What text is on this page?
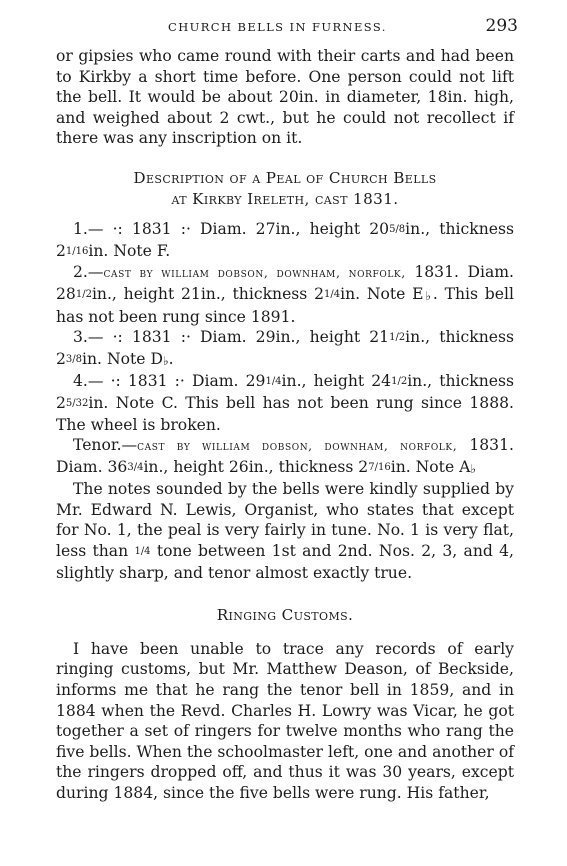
CHURCH BELLS IN FURNESS.	293

or gipsies who came round with their carts and had been to Kirkby a short time before. One person could not lift the bell. It would be about 20in. in diameter, 18in. high, and weighed about 2 cwt., but he could not recollect if there was any inscription on it.

Description of a Peal of Church Bells
at Kirkby Ireleth, cast 1831.

1.— ·: 1831 :· Diam. 27in., height 205/8in., thickness 21/16in. Note F.

2.—cast by william dobson, downham, norfolk, 1831. Diam. 281/2in., height 21in., thickness 21/4in. Note E♭. This bell has not been rung since 1891.

3.— ·: 1831 :· Diam. 29in., height 211/2in., thickness 23/8in. Note D♭.

4.— ·: 1831 :· Diam. 291/4in., height 241/2in., thickness 25/32in. Note C. This bell has not been rung since 1888. The wheel is broken.

Tenor.—cast by william dobson, downham, norfolk, 1831. Diam. 363/4in., height 26in., thickness 27/16in. Note A♭

The notes sounded by the bells were kindly supplied by Mr. Edward N. Lewis, Organist, who states that except for No. 1, the peal is very fairly in tune. No. 1 is very flat, less than 1/4 tone between 1st and 2nd. Nos. 2, 3, and 4, slightly sharp, and tenor almost exactly true.

Ringing Customs.

I have been unable to trace any records of early ringing customs, but Mr. Matthew Deason, of Beckside, informs me that he rang the tenor bell in 1859, and in 1884 when the Revd. Charles H. Lowry was Vicar, he got together a set of ringers for twelve months who rang the five bells. When the schoolmaster left, one and another of the ringers dropped off, and thus it was 30 years, except during 1884, since the five bells were rung. His father,
